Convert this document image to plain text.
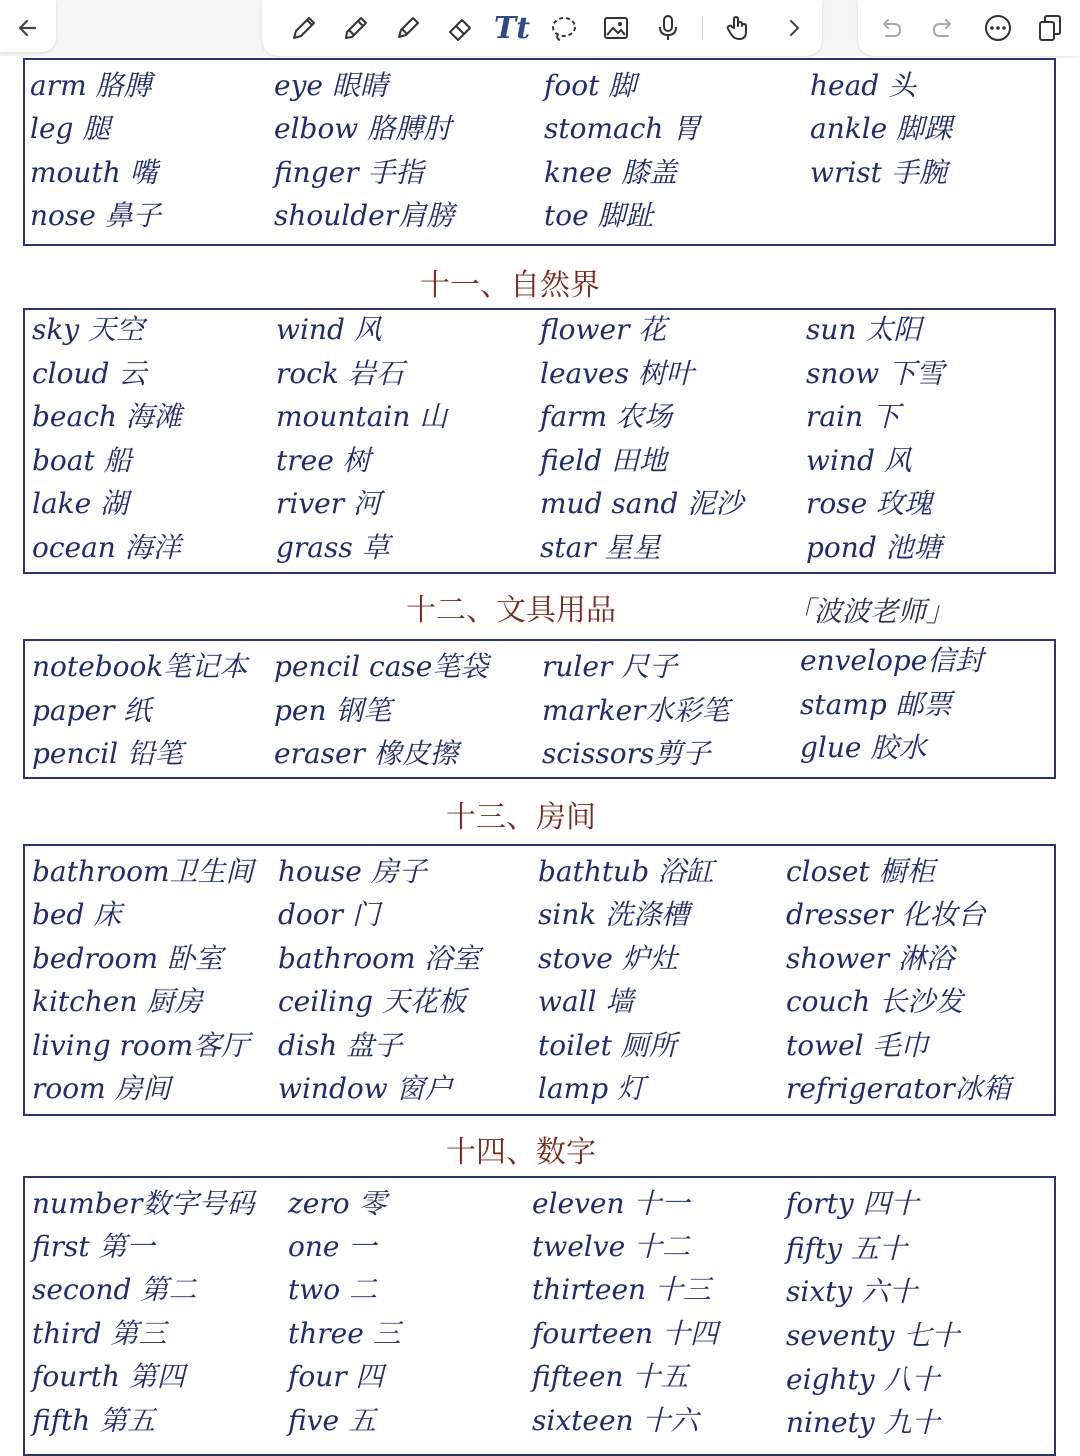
Tt
arm 胳膊	eye 眼睛	foot 脚	head 头
leg 腿	elbow 胳膊肘	stomach 胃	ankle 脚踝
mouth 嘴	finger 手指	knee 膝盖	wrist 手腕
nose 鼻子	shoulder肩膀	toe 脚趾
十一、自然界
sky 天空	wind 风	flower 花	sun 太阳
cloud 云	rock 岩石	leaves 树叶	snow 下雪
beach 海滩	mountain 山	farm 农场	rain 下
boat 船	tree 树	field 田地	wind 风
lake 湖	river 河	mud sand 泥沙 rose 玫瑰
ocean 海洋	grass 草	star 星星	pond 池塘
十二、文具用品	「波波老师」
notebook笔记本 pencil case笔袋 ruler 尺子	envelope信封
paper 纸	pen 钢笔	marker水彩笔	stamp 邮票
pencil 铅笔	eraser 橡皮擦	scissors剪子	glue 胶水
十三、房间
bathroom卫生间 house 房子	bathtub 浴缸	closet 橱柜
bed 床	door 门	sink 洗涤槽	dresser 化妆台
bedroom 卧室 bathroom 浴室 stove 炉灶	shower 淋浴
kitchen 厨房	ceiling 天花板	wall 墙	couch 长沙发
living room客厅 dish 盘子	toilet 厕所	towel 毛巾
room 房间	window 窗户	lamp 灯	refrigerator冰箱
十四、数字
number数字号码 zero 零	eleven 十一	forty 四十
first 第一	one 一	twelve 十二	fifty 五十
second 第二	two 二	thirteen 十三	sixty 六十
third 第三	three 三	fourteen 十四 seventy 七十
fourth 第四	four 四	fifteen 十五	eighty 八十
fifth 第五	five 五	sixteen 十六	ninety 九十
